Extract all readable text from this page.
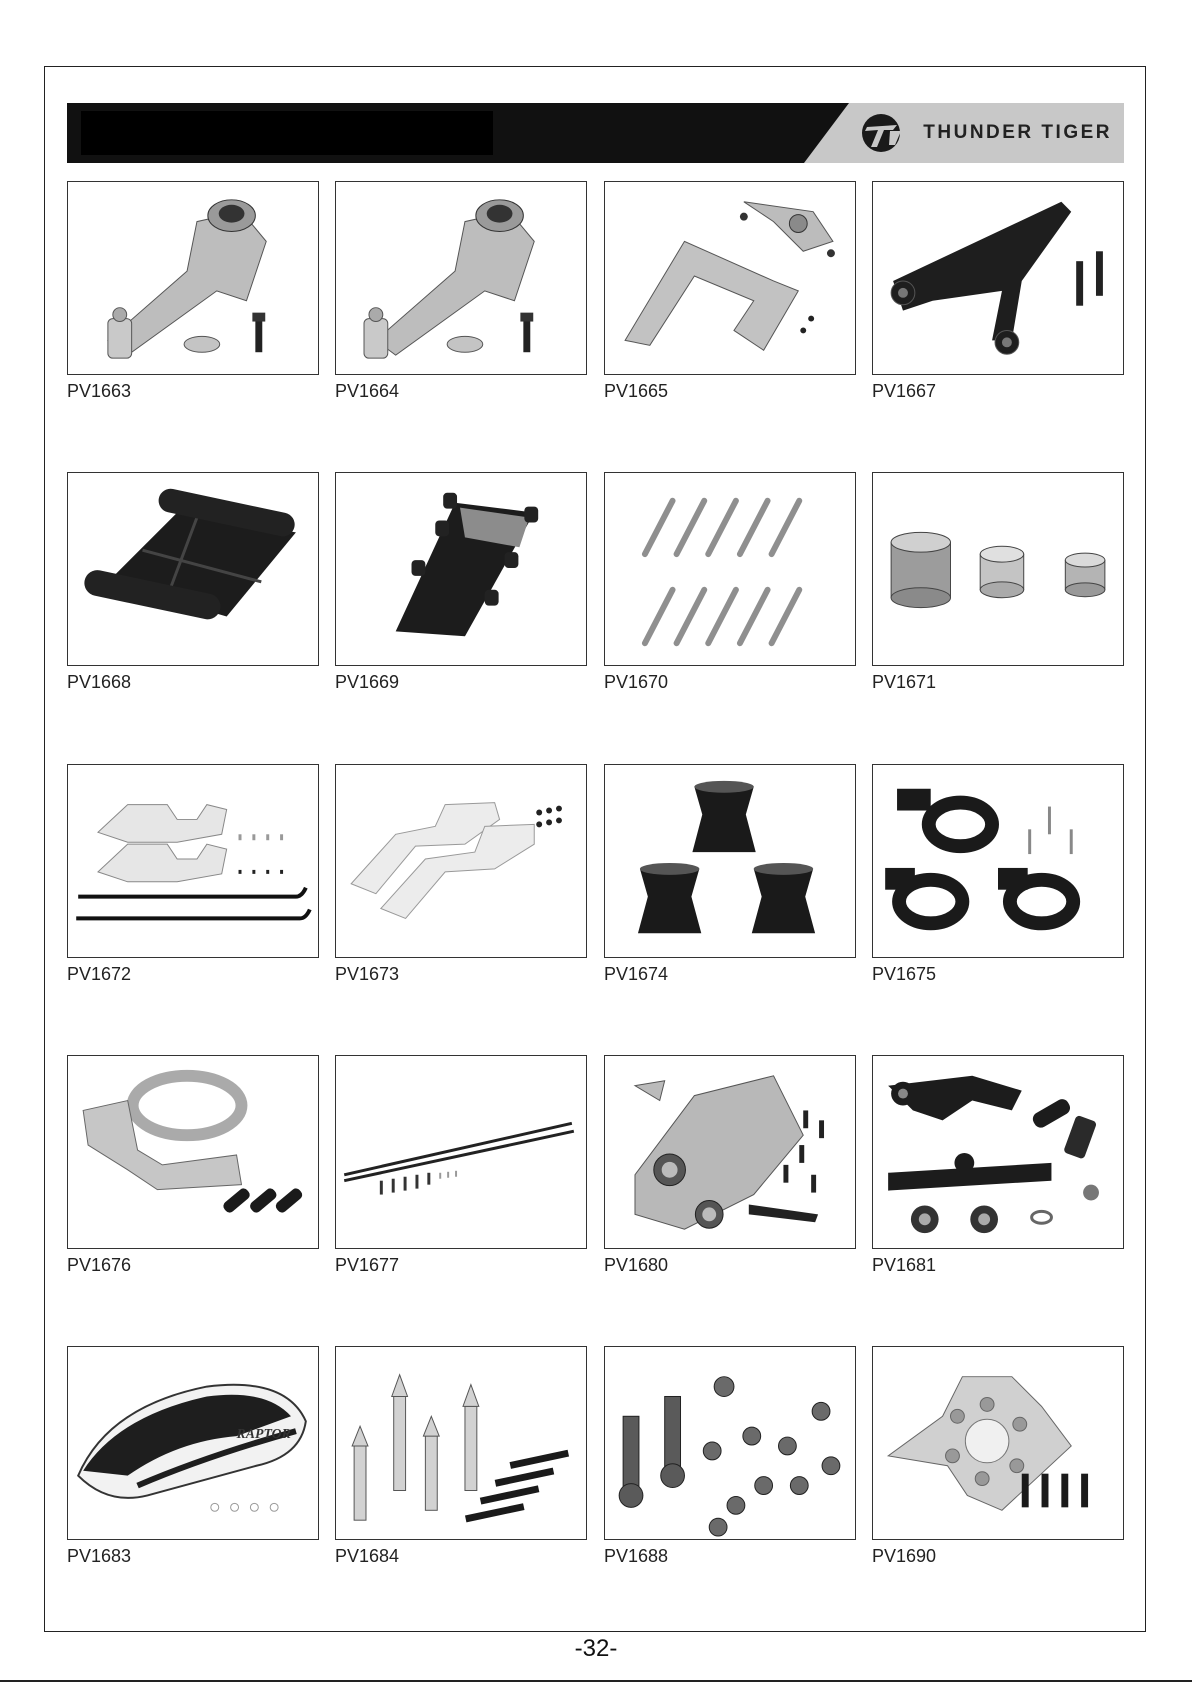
THUNDER TIGER
PV1663	PV1664	PV1665	PV1667
PV1668	PV1669	PV1670	PV1671
PV1672	PV1673	PV1674	PV1675
PV1676	PV1677	PV1680	PV1681
RAPTOR
PV1683	PV1684	PV1688	PV1690
-32-
